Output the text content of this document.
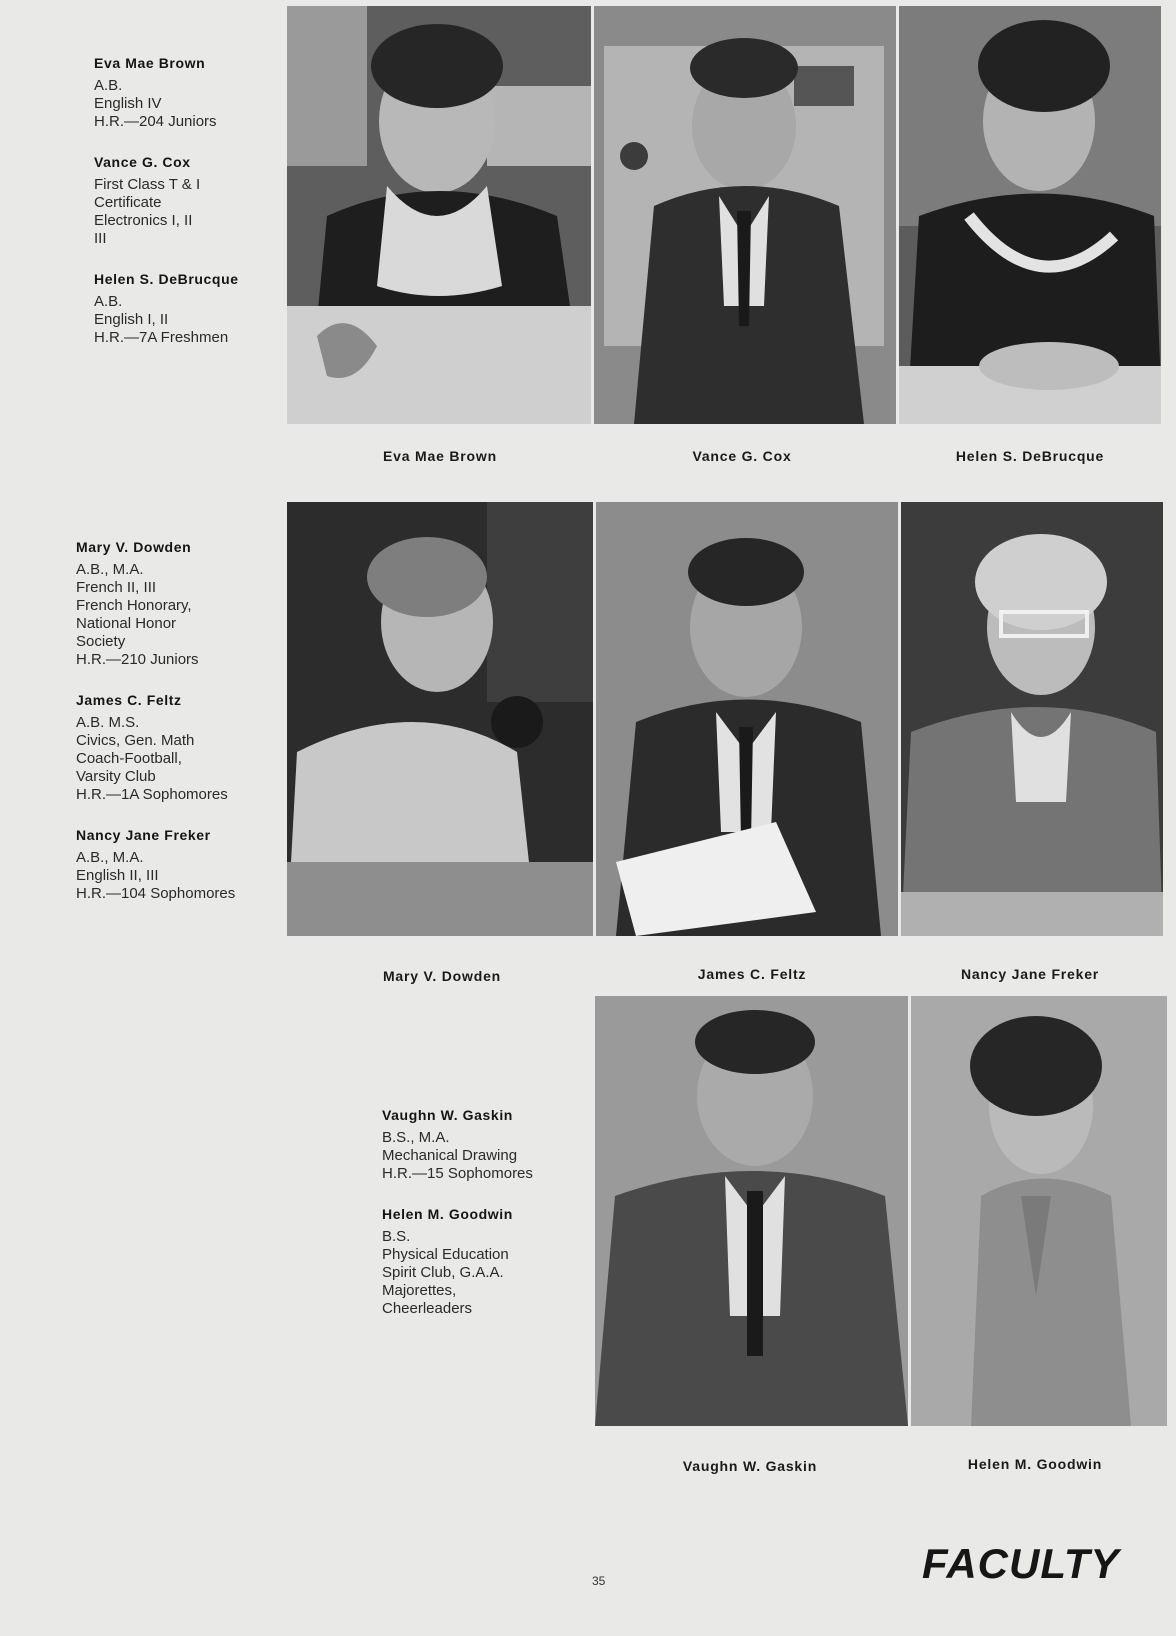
Eva Mae Brown
A.B.
English IV
H.R.—204 Juniors
Vance G. Cox
First Class T & I
Certificate
Electronics I, II
III
Helen S. DeBrucque
A.B.
English I, II
H.R.—7A Freshmen
Mary V. Dowden
A.B., M.A.
French II, III
French Honorary,
National Honor
Society
H.R.—210 Juniors
James C. Feltz
A.B. M.S.
Civics, Gen. Math
Coach-Football,
Varsity Club
H.R.—1A Sophomores
Nancy Jane Freker
A.B., M.A.
English II, III
H.R.—104 Sophomores
Vaughn W. Gaskin
B.S., M.A.
Mechanical Drawing
H.R.—15 Sophomores
Helen M. Goodwin
B.S.
Physical Education
Spirit Club, G.A.A.
Majorettes,
Cheerleaders
Eva Mae Brown	Vance G. Cox	Helen S. DeBrucque
Mary V. Dowden	James C. Feltz	Nancy Jane Freker
Vaughn W. Gaskin	Helen M. Goodwin
35	FACULTY
